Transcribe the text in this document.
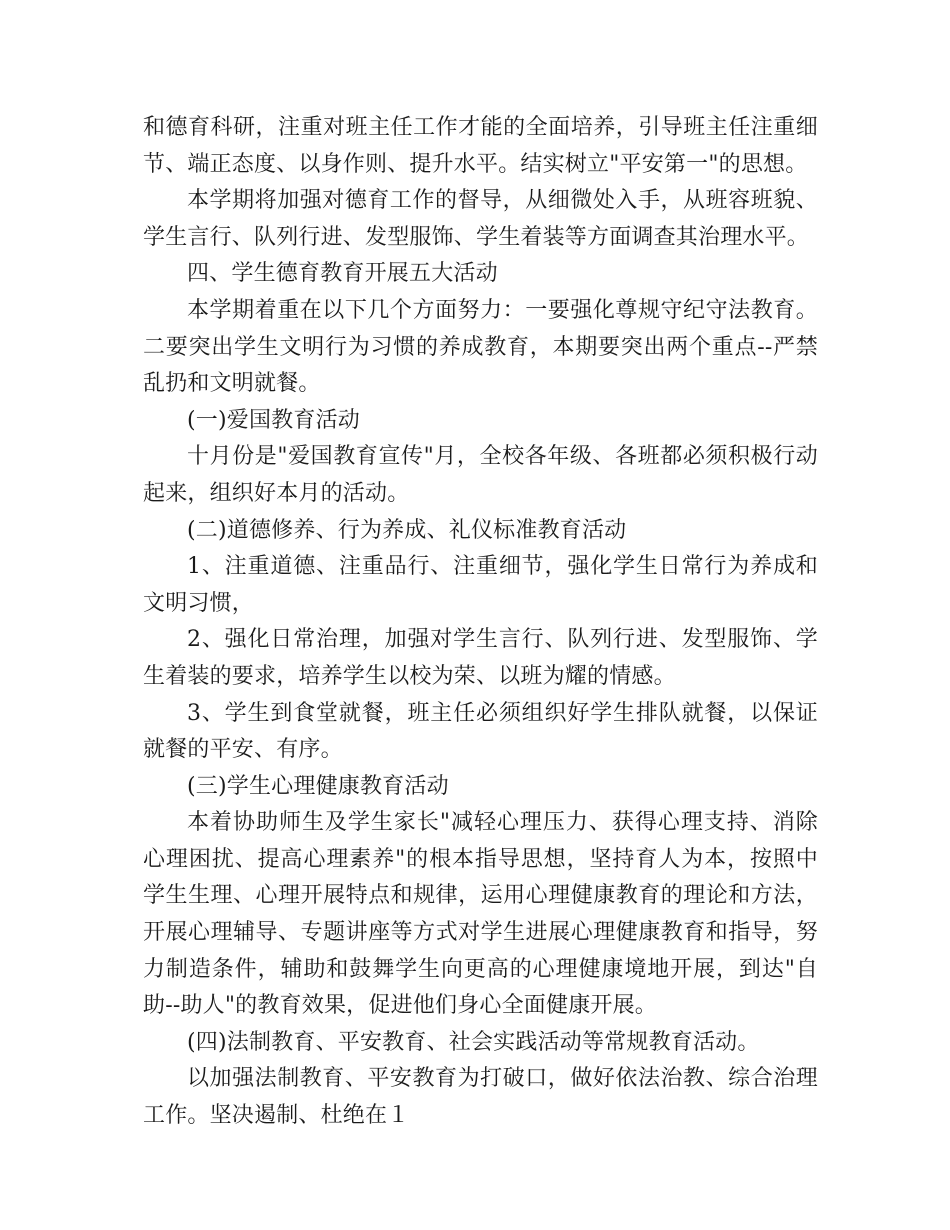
和德育科研，注重对班主任工作才能的全面培养，引导班主任注重细节、端正态度、以身作则、提升水平。结实树立"平安第一"的思想。

本学期将加强对德育工作的督导，从细微处入手，从班容班貌、学生言行、队列行进、发型服饰、学生着装等方面调查其治理水平。

四、学生德育教育开展五大活动

本学期着重在以下几个方面努力：一要强化尊规守纪守法教育。二要突出学生文明行为习惯的养成教育，本期要突出两个重点--严禁乱扔和文明就餐。

(一)爱国教育活动

十月份是"爱国教育宣传"月，全校各年级、各班都必须积极行动起来，组织好本月的活动。

(二)道德修养、行为养成、礼仪标准教育活动

1、注重道德、注重品行、注重细节，强化学生日常行为养成和文明习惯，

2、强化日常治理，加强对学生言行、队列行进、发型服饰、学生着装的要求，培养学生以校为荣、以班为耀的情感。

3、学生到食堂就餐，班主任必须组织好学生排队就餐，以保证就餐的平安、有序。

(三)学生心理健康教育活动

本着协助师生及学生家长"减轻心理压力、获得心理支持、消除心理困扰、提高心理素养"的根本指导思想，坚持育人为本，按照中学生生理、心理开展特点和规律，运用心理健康教育的理论和方法，开展心理辅导、专题讲座等方式对学生进展心理健康教育和指导，努力制造条件，辅助和鼓舞学生向更高的心理健康境地开展，到达"自助--助人"的教育效果，促进他们身心全面健康开展。

(四)法制教育、平安教育、社会实践活动等常规教育活动。

以加强法制教育、平安教育为打破口，做好依法治教、综合治理工作。坚决遏制、杜绝在１
